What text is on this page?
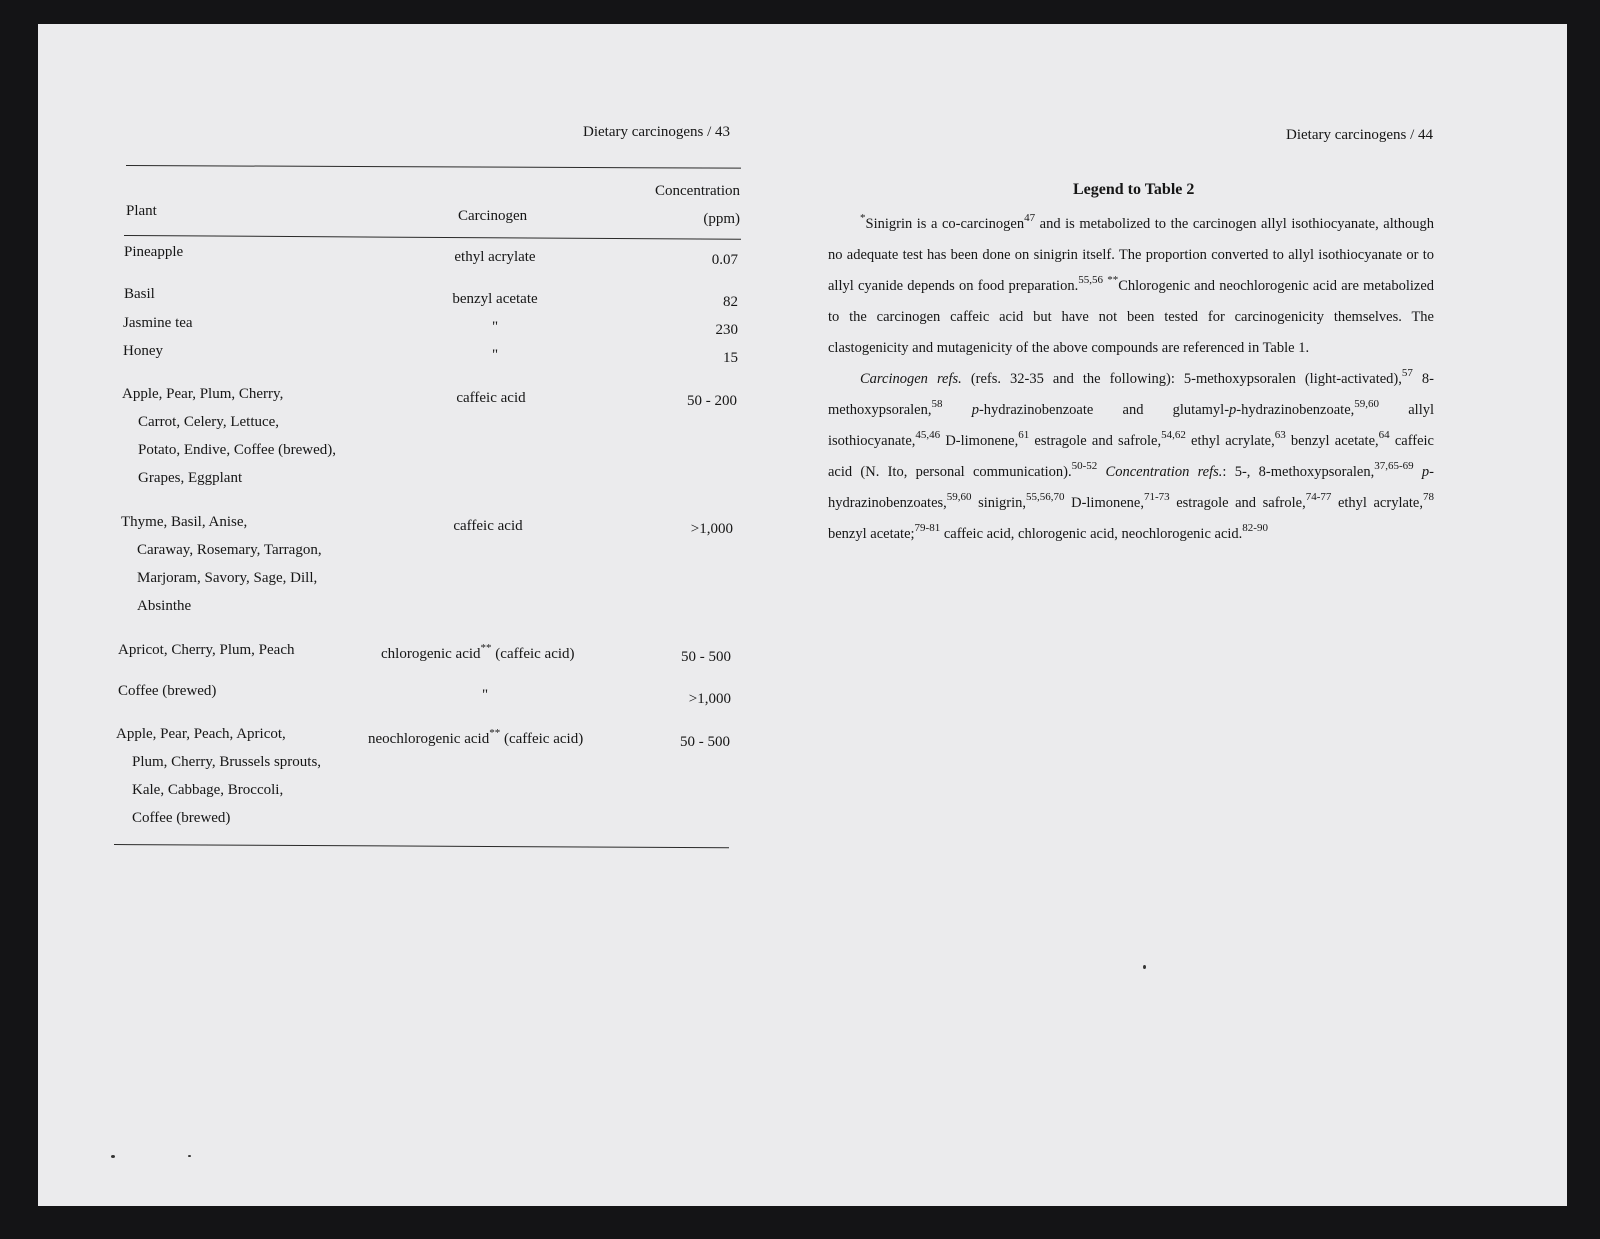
Dietary carcinogens / 43
Plant	Carcinogen
Concentration
(ppm)
Pineapple	ethyl acrylate	0.07
Basil	benzyl acetate	82
Jasmine tea	"	230
Honey	"	15
Apple, Pear, Plum, Cherry,
Carrot, Celery, Lettuce,
Potato, Endive, Coffee (brewed),
Grapes, Eggplant
caffeic acid	50 - 200
Thyme, Basil, Anise,
Caraway, Rosemary, Tarragon,
Marjoram, Savory, Sage, Dill,
Absinthe
caffeic acid	>1,000
Apricot, Cherry, Plum, Peach	chlorogenic acid** (caffeic acid)	50 - 500
Coffee (brewed)	"	>1,000
Apple, Pear, Peach, Apricot,
Plum, Cherry, Brussels sprouts,
Kale, Cabbage, Broccoli,
Coffee (brewed)
neochlorogenic acid** (caffeic acid)	50 - 500
Dietary carcinogens / 44
Legend to Table 2

*Sinigrin is a co-carcinogen$^{47}$ and is metabolized to the carcinogen allyl isothiocyanate, although no adequate test has been done on sinigrin itself. The proportion converted to allyl isothiocyanate or to allyl cyanide depends on food preparation.$^{55,56}$ **Chlorogenic and neochlorogenic acid are metabolized to the carcinogen caffeic acid but have not been tested for carcinogenicity themselves. The clastogenicity and mutagenicity of the above compounds are referenced in Table 1.

Carcinogen refs. (refs. 32-35 and the following): 5-methoxypsoralen (light-activated),$^{57}$ 8-methoxypsoralen,$^{58}$ p-hydrazinobenzoate and glutamyl-p-hydrazinobenzoate,$^{59,60}$ allyl isothiocyanate,$^{45,46}$ D-limonene,$^{61}$ estragole and safrole,$^{54,62}$ ethyl acrylate,$^{63}$ benzyl acetate,$^{64}$ caffeic acid (N. Ito, personal communication).$^{50-52}$ Concentration refs.: 5-, 8-methoxypsoralen,$^{37,65-69}$ p-hydrazinobenzoates,$^{59,60}$ sinigrin,$^{55,56,70}$ D-limonene,$^{71-73}$ estragole and safrole,$^{74-77}$ ethyl acrylate,$^{78}$ benzyl acetate;$^{79-81}$ caffeic acid, chlorogenic acid, neochlorogenic acid.$^{82-90}$
